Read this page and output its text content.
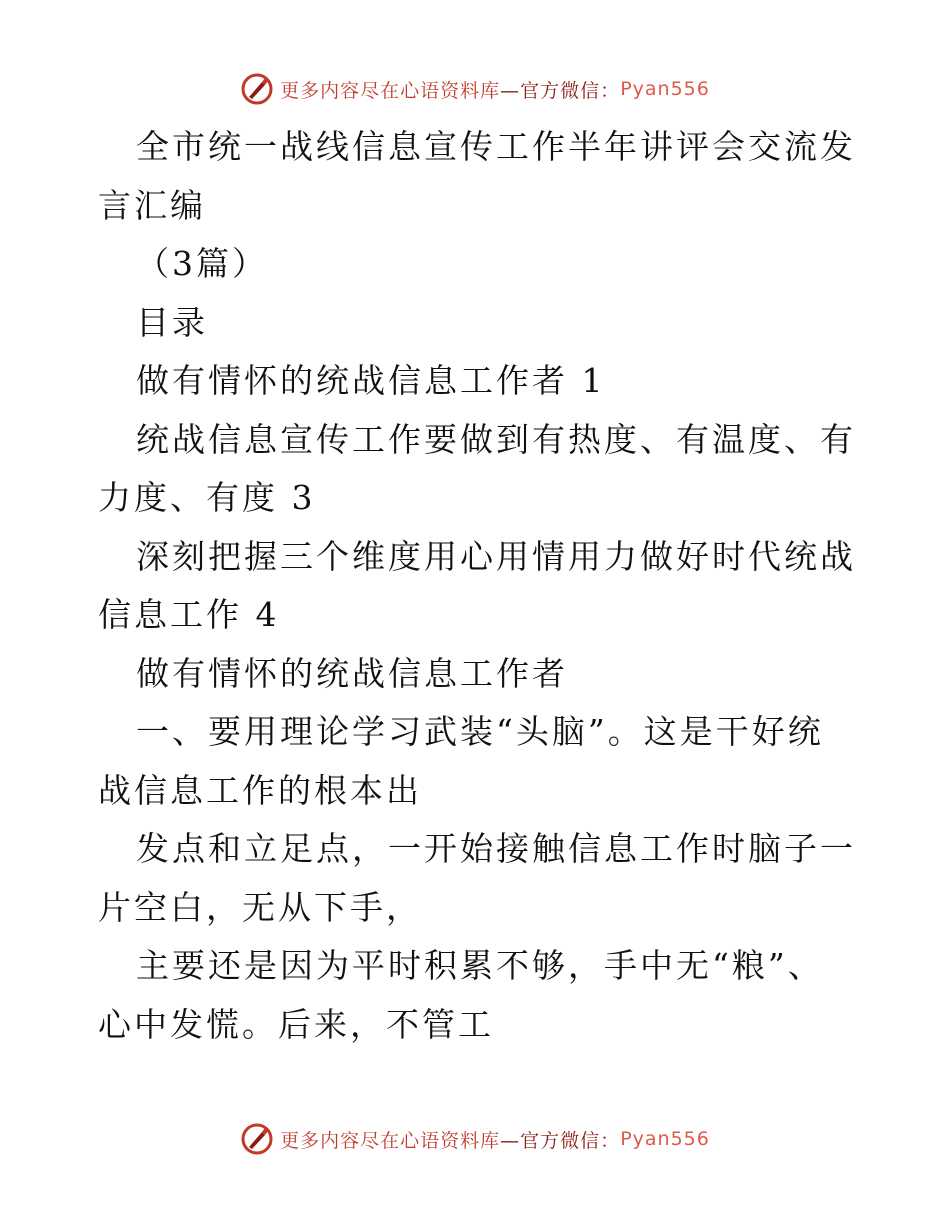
更多内容尽在心语资料库 —官方微信： Pyan556

全市统一战线信息宣传工作半年讲评会交流发言汇编

（3篇）

目录

做有情怀的统战信息工作者 1

统战信息宣传工作要做到有热度、有温度、有力度、有度 3

深刻把握三个维度用心用情用力做好时代统战信息工作 4

做有情怀的统战信息工作者

一、要用理论学习武装“头脑”。这是干好统战信息工作的根本出

发点和立足点，一开始接触信息工作时脑子一片空白，无从下手，

主要还是因为平时积累不够，手中无“粮”、心中发慌。后来，不管工

更多内容尽在心语资料库 —官方微信： Pyan556
